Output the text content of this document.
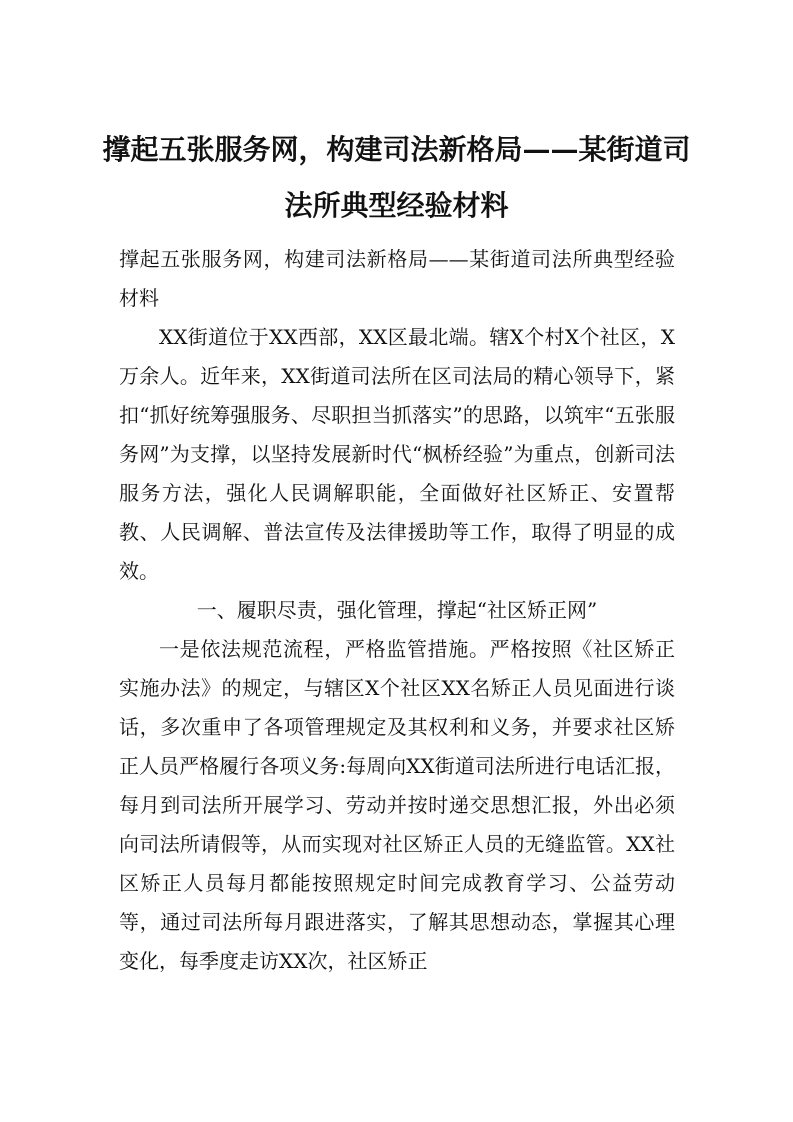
撑起五张服务网，构建司法新格局——某街道司法所典型经验材料

撑起五张服务网，构建司法新格局——某街道司法所典型经验材料

XX街道位于XX西部，XX区最北端。辖X个村X个社区，X万余人。近年来，XX街道司法所在区司法局的精心领导下，紧扣“抓好统筹强服务、尽职担当抓落实”的思路，以筑牢“五张服务网”为支撑，以坚持发展新时代“枫桥经验”为重点，创新司法服务方法，强化人民调解职能，全面做好社区矫正、安置帮教、人民调解、普法宣传及法律援助等工作，取得了明显的成效。

一、履职尽责，强化管理，撑起“社区矫正网”

一是依法规范流程，严格监管措施。严格按照《社区矫正实施办法》的规定，与辖区X个社区XX名矫正人员见面进行谈话，多次重申了各项管理规定及其权利和义务，并要求社区矫正人员严格履行各项义务:每周向XX街道司法所进行电话汇报，每月到司法所开展学习、劳动并按时递交思想汇报，外出必须向司法所请假等，从而实现对社区矫正人员的无缝监管。XX社区矫正人员每月都能按照规定时间完成教育学习、公益劳动等，通过司法所每月跟进落实，了解其思想动态，掌握其心理变化，每季度走访XX次，社区矫正
